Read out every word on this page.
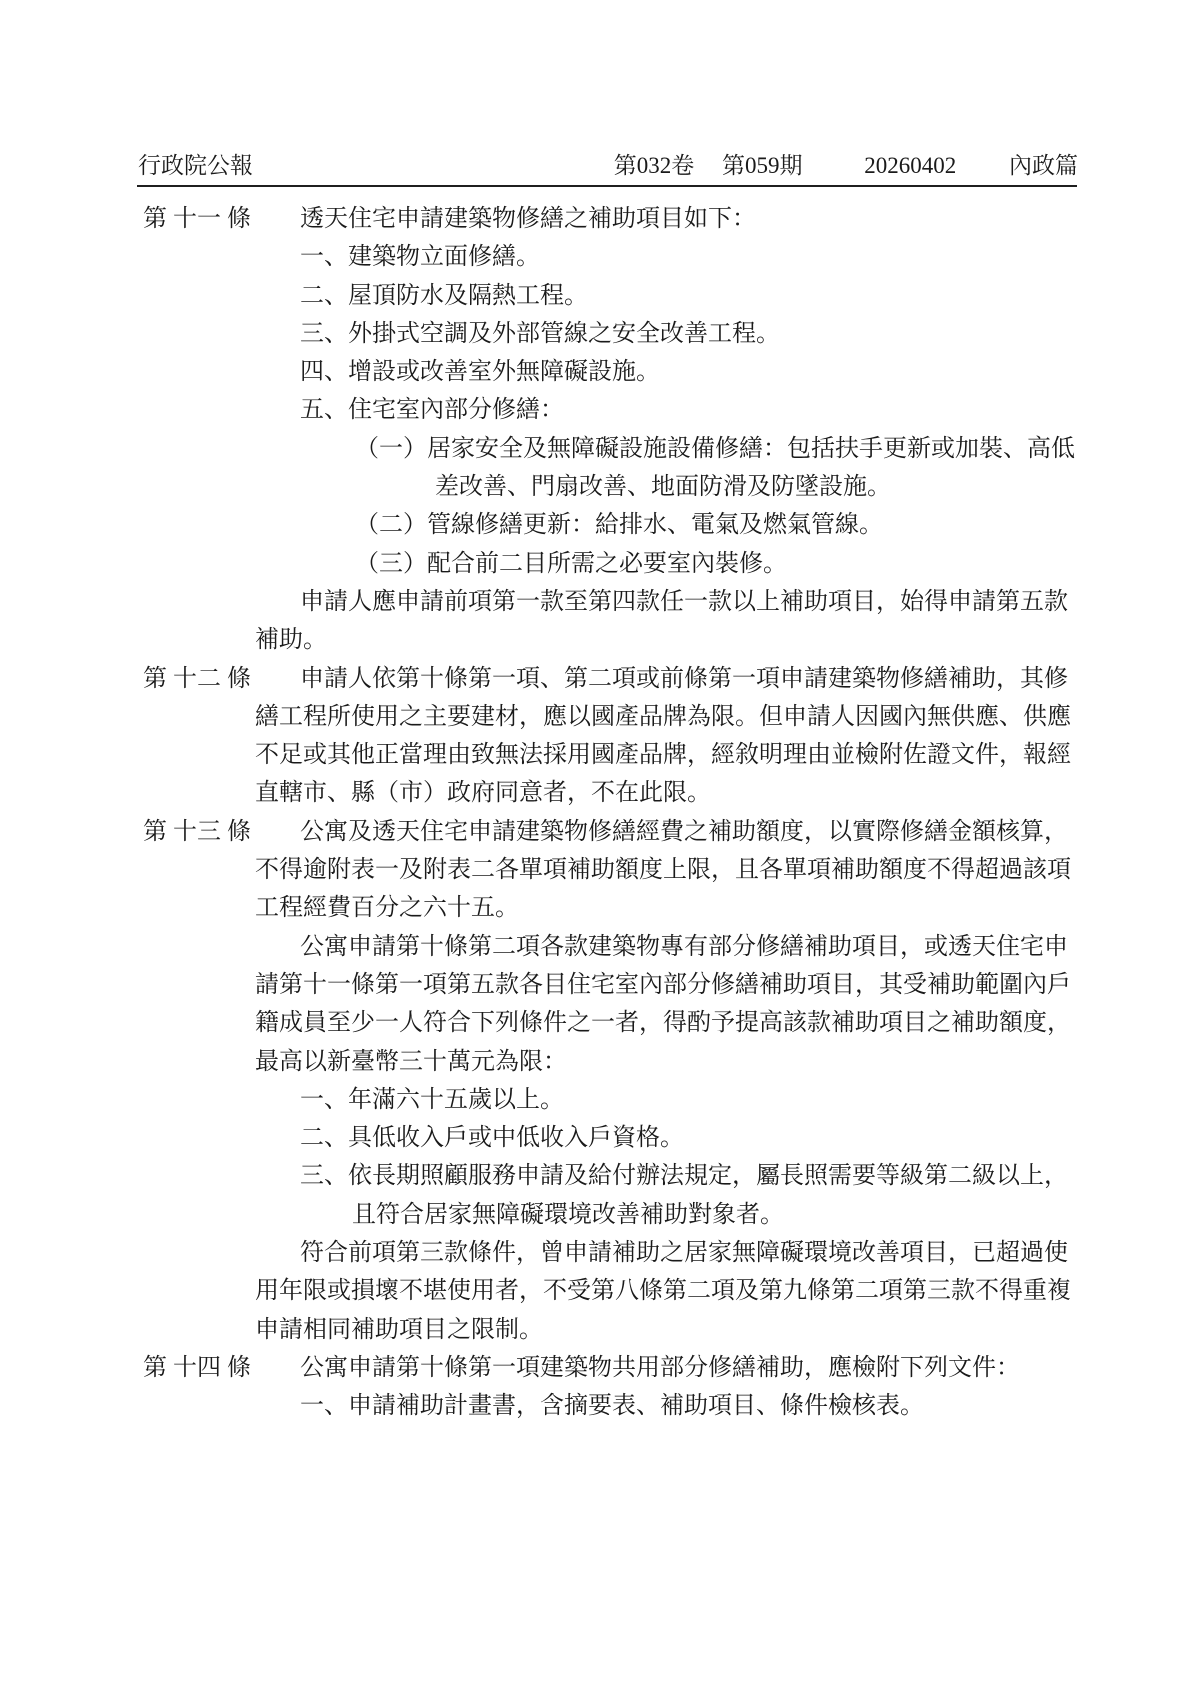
行政院公報	第032卷 第059期	20260402 內政篇
第 十一 條 透天住宅申請建築物修繕之補助項目如下：
一、建築物立面修繕。
二、屋頂防水及隔熱工程。
三、外掛式空調及外部管線之安全改善工程。
四、增設或改善室外無障礙設施。
五、住宅室內部分修繕：
（一）居家安全及無障礙設施設備修繕：包括扶手更新或加裝、高低
差改善、門扇改善、地面防滑及防墜設施。
（二）管線修繕更新：給排水、電氣及燃氣管線。
（三）配合前二目所需之必要室內裝修。
申請人應申請前項第一款至第四款任一款以上補助項目，始得申請第五款
補助。
第 十二 條 申請人依第十條第一項、第二項或前條第一項申請建築物修繕補助，其修
繕工程所使用之主要建材，應以國產品牌為限。但申請人因國內無供應、供應
不足或其他正當理由致無法採用國產品牌，經敘明理由並檢附佐證文件，報經
直轄市、縣（市）政府同意者，不在此限。
第 十三 條 公寓及透天住宅申請建築物修繕經費之補助額度，以實際修繕金額核算，
不得逾附表一及附表二各單項補助額度上限，且各單項補助額度不得超過該項
工程經費百分之六十五。
公寓申請第十條第二項各款建築物專有部分修繕補助項目，或透天住宅申
請第十一條第一項第五款各目住宅室內部分修繕補助項目，其受補助範圍內戶
籍成員至少一人符合下列條件之一者，得酌予提高該款補助項目之補助額度，
最高以新臺幣三十萬元為限：
一、年滿六十五歲以上。
二、具低收入戶或中低收入戶資格。
三、依長期照顧服務申請及給付辦法規定，屬長照需要等級第二級以上，
且符合居家無障礙環境改善補助對象者。
符合前項第三款條件，曾申請補助之居家無障礙環境改善項目，已超過使
用年限或損壞不堪使用者，不受第八條第二項及第九條第二項第三款不得重複
申請相同補助項目之限制。
第 十四 條 公寓申請第十條第一項建築物共用部分修繕補助，應檢附下列文件：
一、申請補助計畫書，含摘要表、補助項目、條件檢核表。
